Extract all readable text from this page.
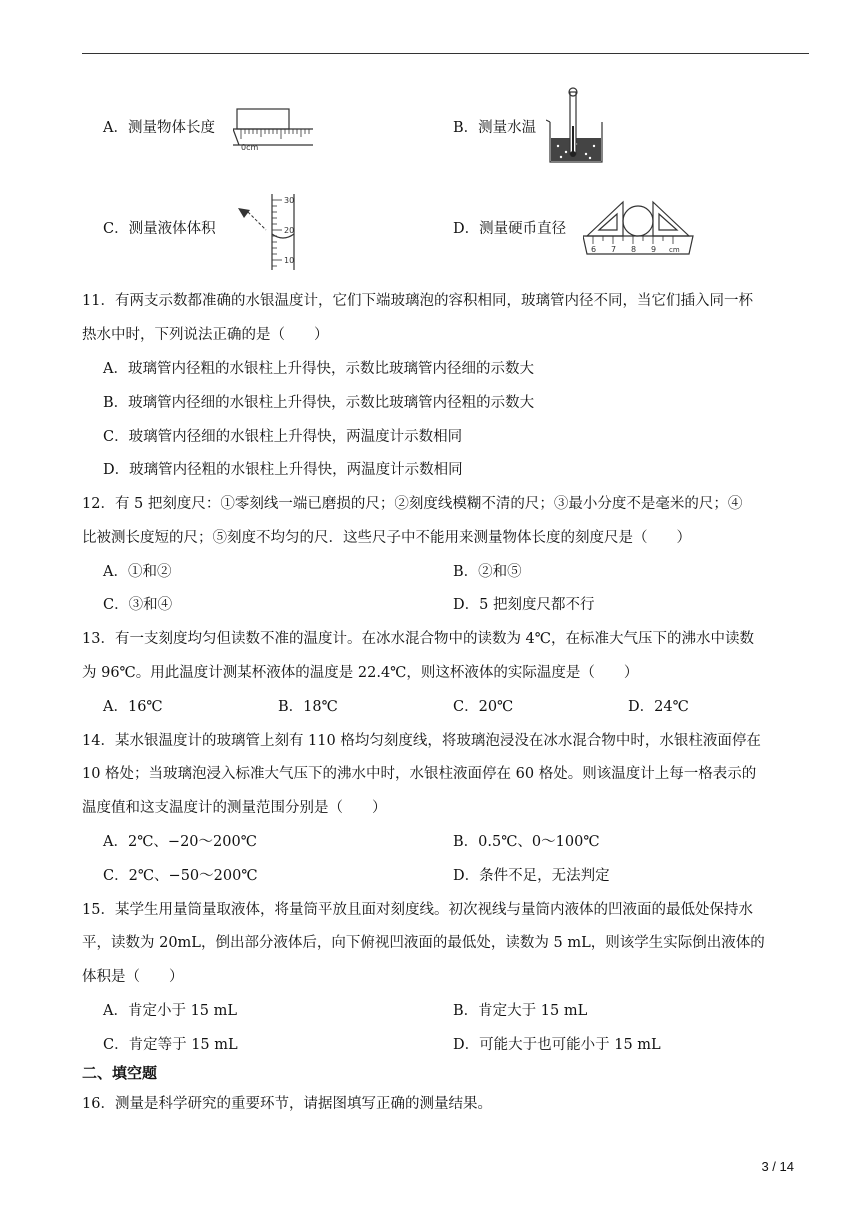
A．测量物体长度
0cm
B．测量水温
C．测量液体体积
30
20
10
D．测量硬币直径
6 7 8 9 cm
11．有两支示数都准确的水银温度计，它们下端玻璃泡的容积相同，玻璃管内径不同，当它们插入同一杯
热水中时，下列说法正确的是（　　）
A．玻璃管内径粗的水银柱上升得快，示数比玻璃管内径细的示数大
B．玻璃管内径细的水银柱上升得快，示数比玻璃管内径粗的示数大
C．玻璃管内径细的水银柱上升得快，两温度计示数相同
D．玻璃管内径粗的水银柱上升得快，两温度计示数相同
12．有 5 把刻度尺：①零刻线一端已磨损的尺；②刻度线模糊不清的尺；③最小分度不是毫米的尺；④
比被测长度短的尺；⑤刻度不均匀的尺．这些尺子中不能用来测量物体长度的刻度尺是（　　）
A．①和②	B．②和⑤
C．③和④	D．5 把刻度尺都不行
13．有一支刻度均匀但读数不准的温度计。在冰水混合物中的读数为 4℃，在标准大气压下的沸水中读数
为 96℃。用此温度计测某杯液体的温度是 22.4℃，则这杯液体的实际温度是（　　）
A．16℃	B．18℃	C．20℃	D．24℃
14．某水银温度计的玻璃管上刻有 110 格均匀刻度线，将玻璃泡浸没在冰水混合物中时，水银柱液面停在
10 格处；当玻璃泡浸入标准大气压下的沸水中时，水银柱液面停在 60 格处。则该温度计上每一格表示的
温度值和这支温度计的测量范围分别是（　　）
A．2℃、−20～200℃	B．0.5℃、0～100℃
C．2℃、−50～200℃	D．条件不足，无法判定
15．某学生用量筒量取液体，将量筒平放且面对刻度线。初次视线与量筒内液体的凹液面的最低处保持水
平，读数为 20mL，倒出部分液体后，向下俯视凹液面的最低处，读数为 5 mL，则该学生实际倒出液体的
体积是（　　）
A．肯定小于 15 mL	B．肯定大于 15 mL
C．肯定等于 15 mL	D．可能大于也可能小于 15 mL
二、填空题
16．测量是科学研究的重要环节，请据图填写正确的测量结果。
3 / 14
